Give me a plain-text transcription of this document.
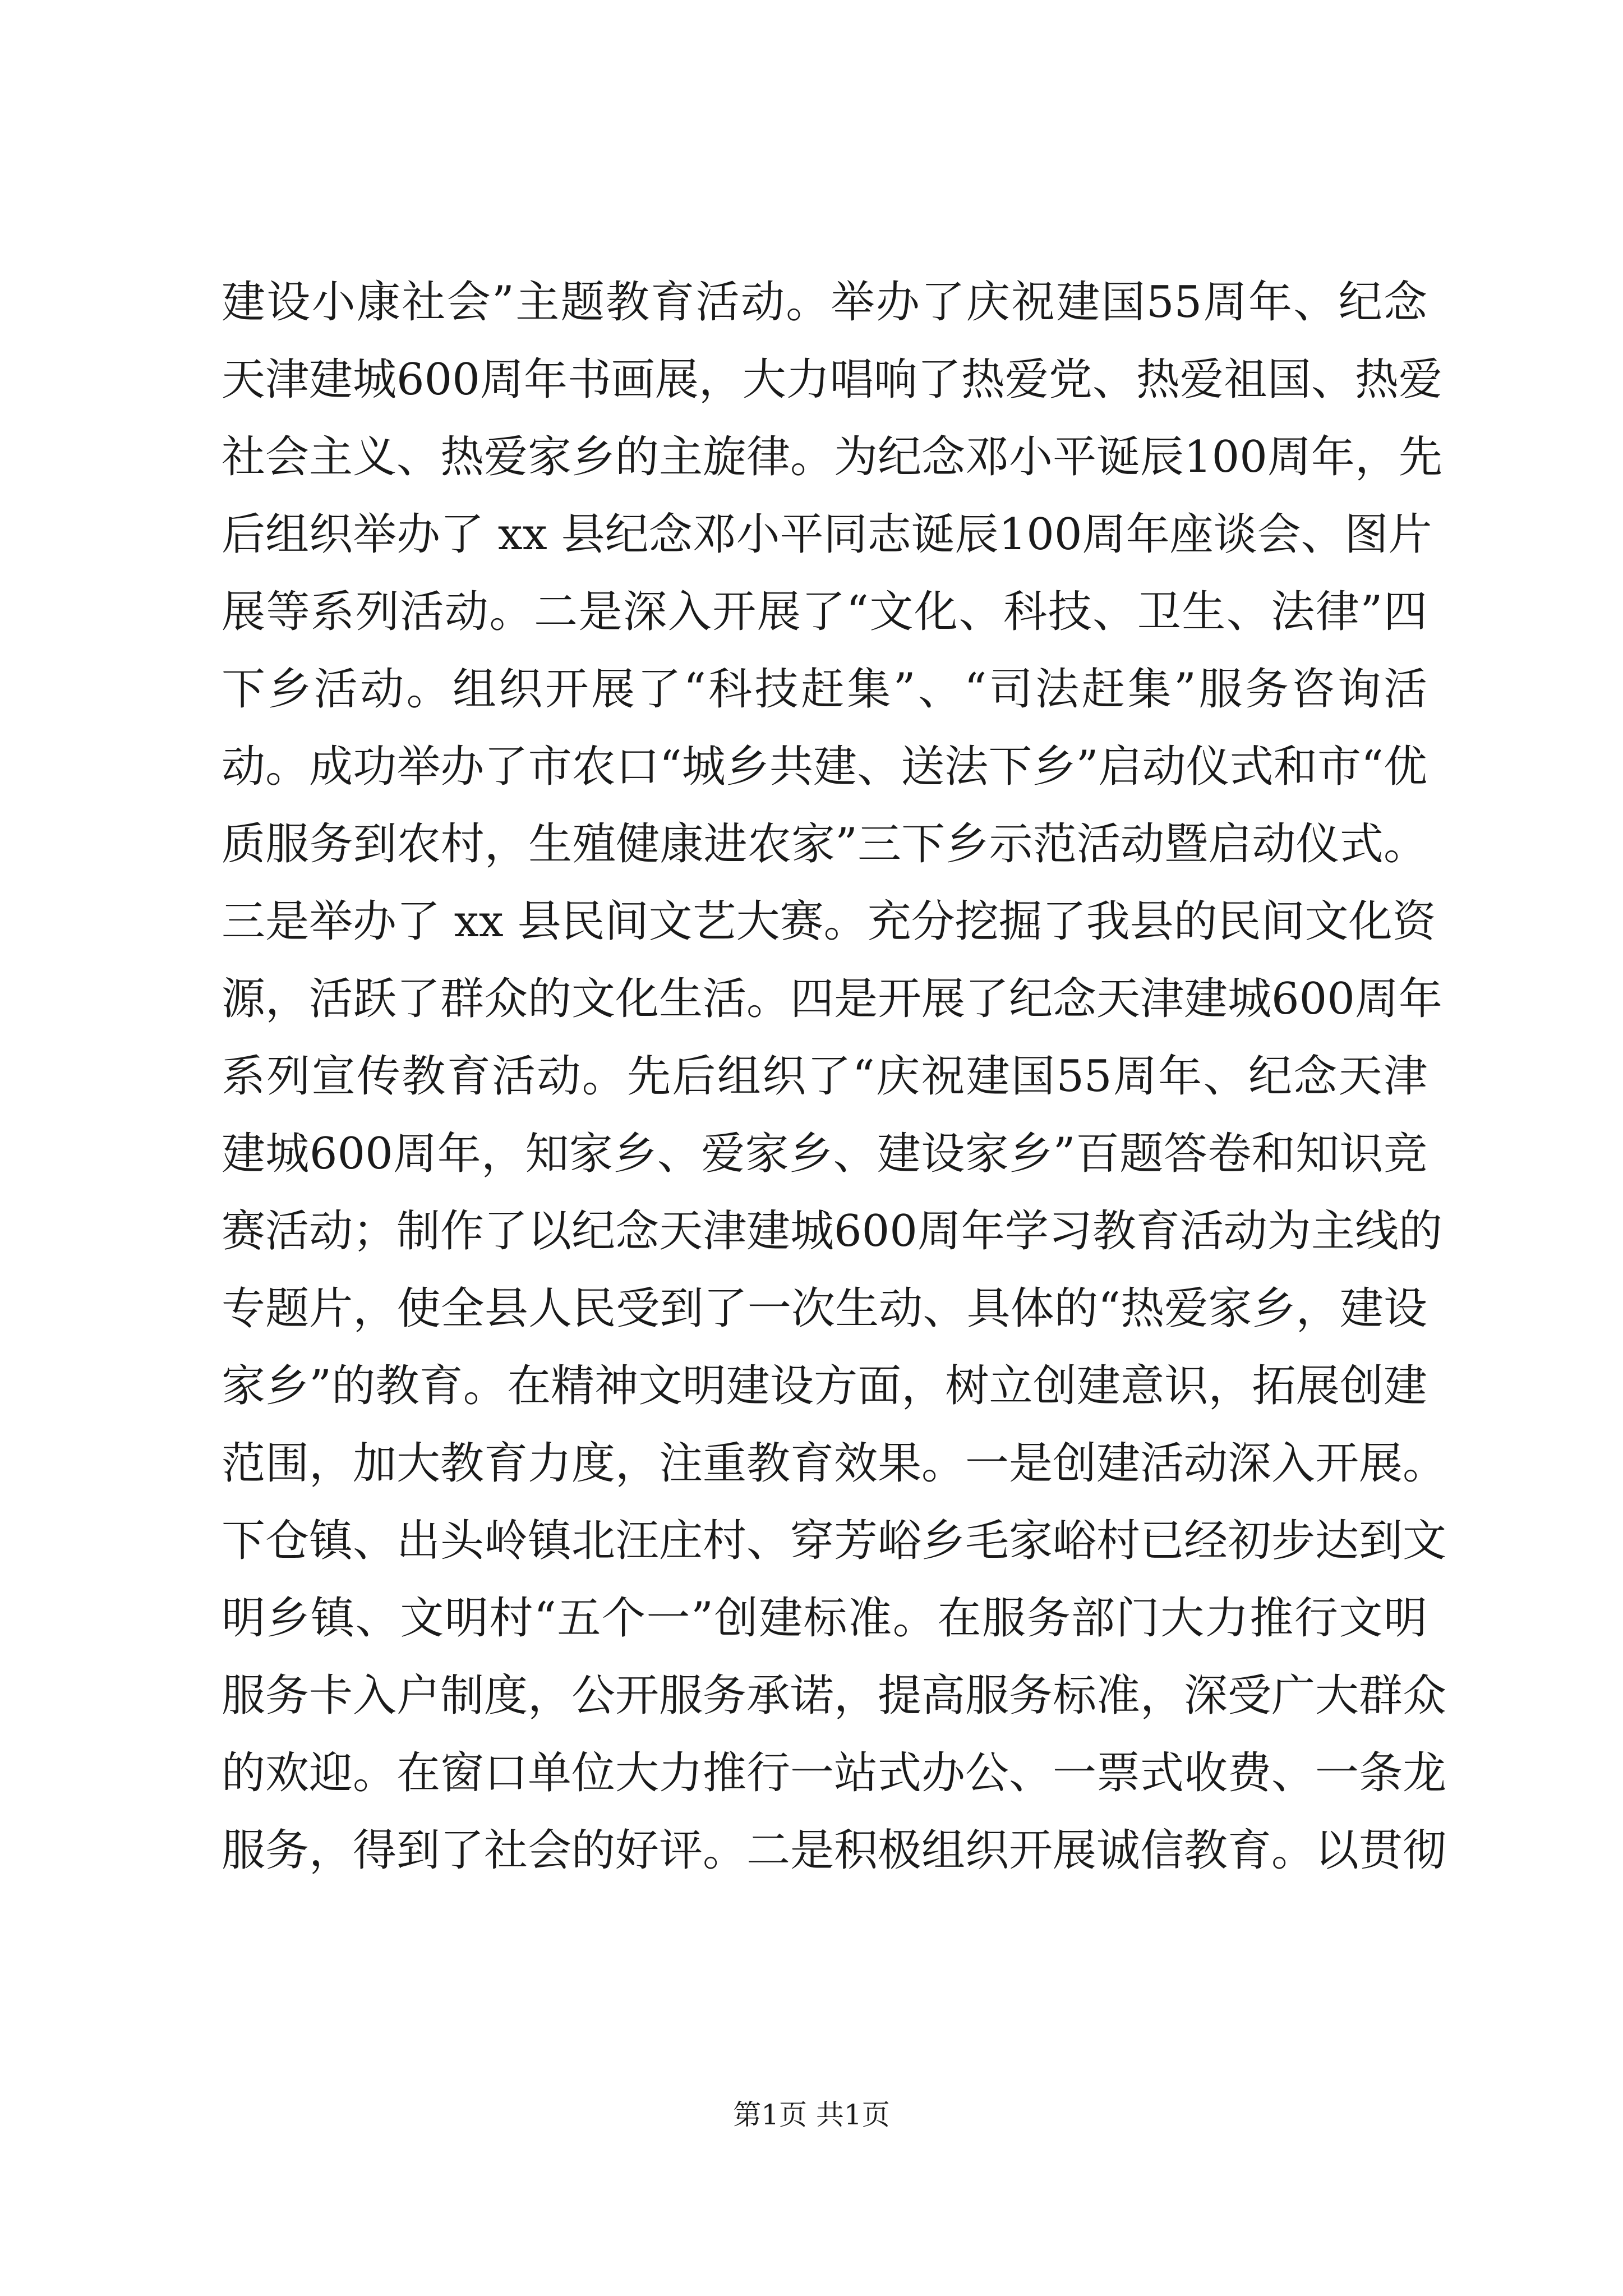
建设小康社会”主题教育活动。举办了庆祝建国55周年、纪念
天津建城600周年书画展，大力唱响了热爱党、热爱祖国、热爱
社会主义、热爱家乡的主旋律。为纪念邓小平诞辰100周年，先
后组织举办了 xx 县纪念邓小平同志诞辰100周年座谈会、图片
展等系列活动。二是深入开展了“文化、科技、卫生、法律”四
下乡活动。组织开展了“科技赶集”、“司法赶集”服务咨询活
动。成功举办了市农口“城乡共建、送法下乡”启动仪式和市“优
质服务到农村，生殖健康进农家”三下乡示范活动暨启动仪式。
三是举办了 xx 县民间文艺大赛。充分挖掘了我县的民间文化资
源，活跃了群众的文化生活。四是开展了纪念天津建城600周年
系列宣传教育活动。先后组织了“庆祝建国55周年、纪念天津
建城600周年，知家乡、爱家乡、建设家乡”百题答卷和知识竞
赛活动；制作了以纪念天津建城600周年学习教育活动为主线的
专题片，使全县人民受到了一次生动、具体的“热爱家乡，建设
家乡”的教育。在精神文明建设方面，树立创建意识，拓展创建
范围，加大教育力度，注重教育效果。一是创建活动深入开展。
下仓镇、出头岭镇北汪庄村、穿芳峪乡毛家峪村已经初步达到文
明乡镇、文明村“五个一”创建标准。在服务部门大力推行文明
服务卡入户制度，公开服务承诺，提高服务标准，深受广大群众
的欢迎。在窗口单位大力推行一站式办公、一票式收费、一条龙
服务，得到了社会的好评。二是积极组织开展诚信教育。以贯彻
第1页 共1页
